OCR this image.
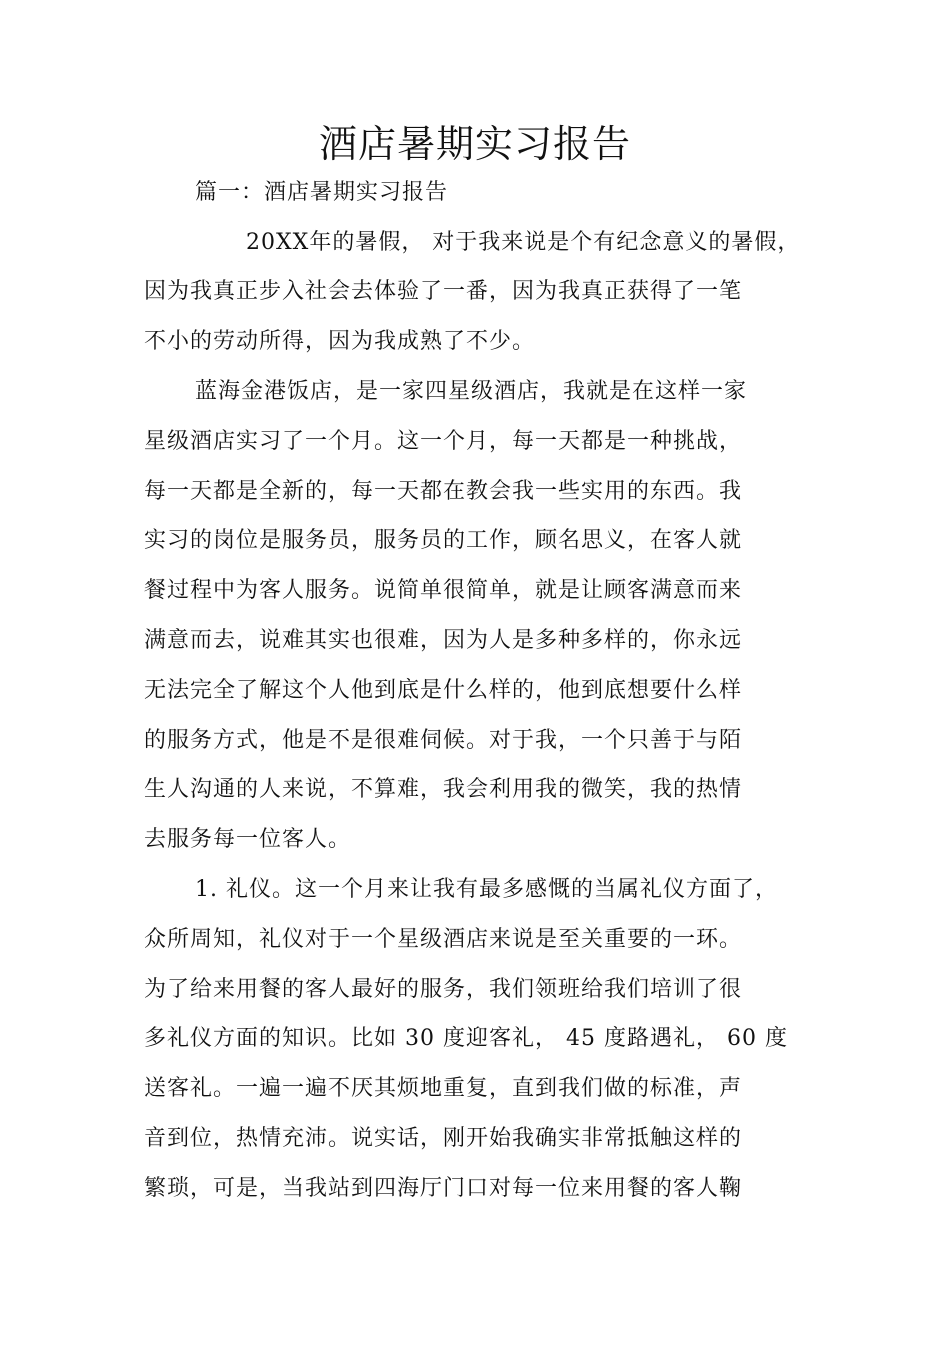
酒店暑期实习报告
篇一：酒店暑期实习报告
20XX年的暑假， 对于我来说是个有纪念意义的暑假，
因为我真正步入社会去体验了一番，因为我真正获得了一笔
不小的劳动所得，因为我成熟了不少。
蓝海金港饭店，是一家四星级酒店，我就是在这样一家
星级酒店实习了一个月。这一个月，每一天都是一种挑战，
每一天都是全新的，每一天都在教会我一些实用的东西。我
实习的岗位是服务员，服务员的工作，顾名思义，在客人就
餐过程中为客人服务。说简单很简单，就是让顾客满意而来
满意而去，说难其实也很难，因为人是多种多样的，你永远
无法完全了解这个人他到底是什么样的，他到底想要什么样
的服务方式，他是不是很难伺候。对于我，一个只善于与陌
生人沟通的人来说，不算难，我会利用我的微笑，我的热情
去服务每一位客人。
1. 礼仪。这一个月来让我有最多感慨的当属礼仪方面了，
众所周知，礼仪对于一个星级酒店来说是至关重要的一环。
为了给来用餐的客人最好的服务，我们领班给我们培训了很
多礼仪方面的知识。比如 30 度迎客礼， 45 度路遇礼， 60 度
送客礼。一遍一遍不厌其烦地重复，直到我们做的标准，声
音到位，热情充沛。说实话，刚开始我确实非常抵触这样的
繁琐，可是，当我站到四海厅门口对每一位来用餐的客人鞠
